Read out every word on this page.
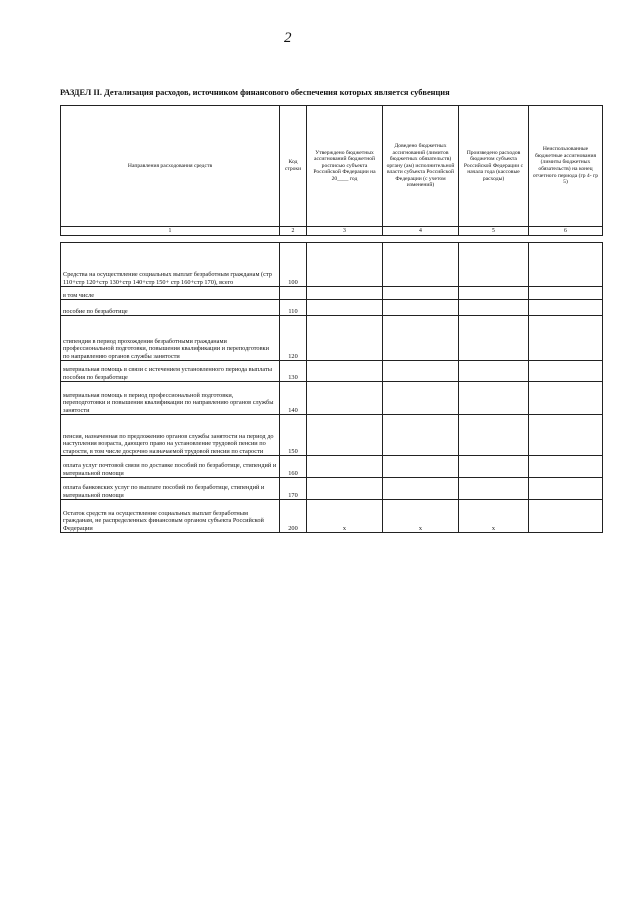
2
РАЗДЕЛ II. Детализация расходов, источником финансового обеспечения которых является субвенция
Направления расходования средств	Код строки	Утверждено бюджетных ассигнований бюджетной росписью субъекта Российской Федерации на 20____ год	Доведено бюджетных ассигнований (лимитов бюджетных обязательств) органу (ам) исполнительной власти субъекта Российской Федерации (с учетом изменений)	Произведено расходов бюджетом субъекта Российской Федерации с начала года (кассовые расходы)	Неиспользованные бюджетные ассигнования (лимиты бюджетных обязательств) на конец отчетного периода (гр 4- гр 5)
1	2	3	4	5	6

Средства на осуществление социальных выплат безработным гражданам (стр 110+стр 120+стр 130+стр 140+стр 150+ стр 160+стр 170), всего	100				
в том числе					
пособие по безработице	110				
стипендия в период прохождения безработными гражданами профессиональной подготовки, повышения квалификации и переподготовки по направлению органов службы занятости	120				
материальная помощь в связи с истечением установленного периода выплаты пособия по безработице	130				
материальная помощь в период профессиональной подготовки, переподготовки и повышения квалификации по направлению органов службы занятости	140				
пенсия, назначенная по предложению органов службы занятости на период до наступления возраста, дающего право на установление трудовой пенсии по старости, в том числе досрочно назначаемой трудовой пенсии по старости	150				
оплата услуг почтовой связи по доставке пособий по безработице, стипендий и материальной помощи	160				
оплата банковских услуг по выплате пособий по безработице, стипендий и материальной помощи	170				
Остаток средств на осуществление социальных выплат безработным гражданам, не распределенных финансовым органом субъекта Российской Федерации	200	х	х	х	
